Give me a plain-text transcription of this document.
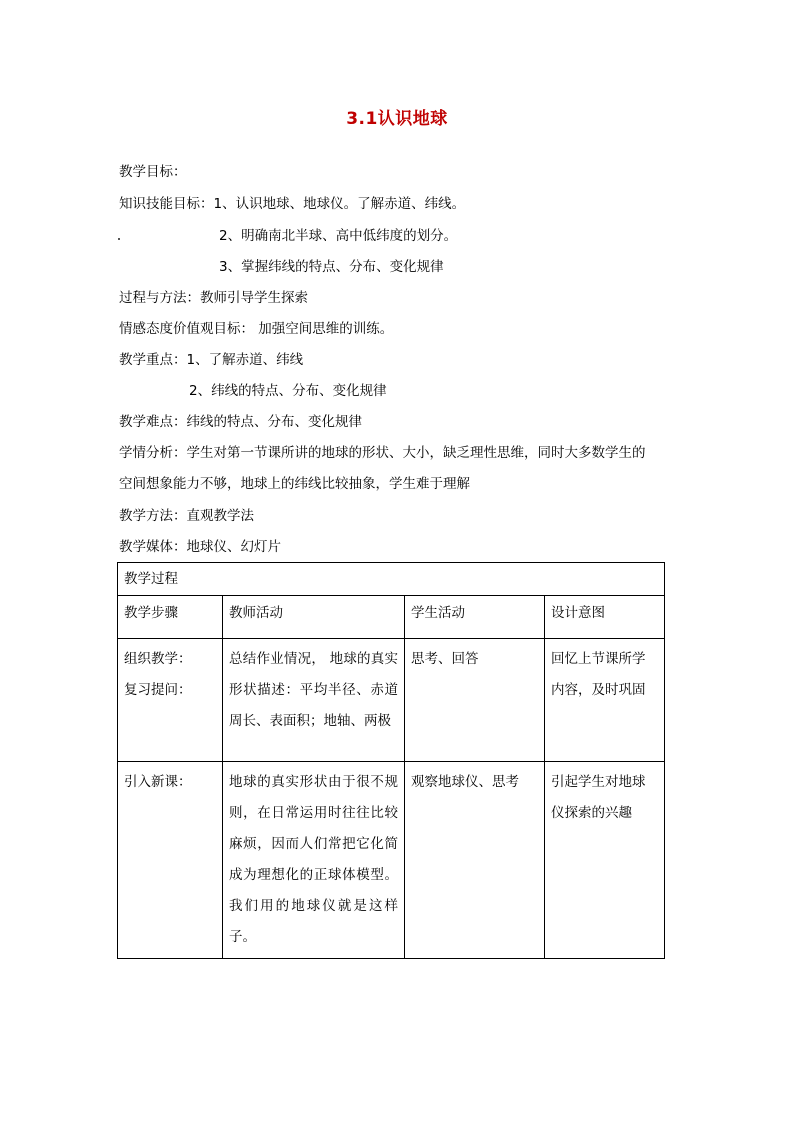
3.1认识地球
教学目标：
知识技能目标：1、认识地球、地球仪。了解赤道、纬线。
2、明确南北半球、高中低纬度的划分。
3、掌握纬线的特点、分布、变化规律
过程与方法：教师引导学生探索
情感态度价值观目标： 加强空间思维的训练。
教学重点：1、了解赤道、纬线
2、纬线的特点、分布、变化规律
教学难点：纬线的特点、分布、变化规律
学情分析：学生对第一节课所讲的地球的形状、大小，缺乏理性思维，同时大多数学生的
空间想象能力不够，地球上的纬线比较抽象，学生难于理解
教学方法：直观教学法
教学媒体：地球仪、幻灯片
教学过程			
教学步骤	教师活动	学生活动	设计意图

组织教学：
复习提问：	总结作业情况， 地球的真实形状描述：平均半径、赤道周长、表面积；地轴、两极	思考、回答	回忆上节课所学内容，及时巩固

引入新课：	地球的真实形状由于很不规则，在日常运用时往往比较麻烦，因而人们常把它化简成为理想化的正球体模型。我们用的地球仪就是这样子。	观察地球仪、思考	引起学生对地球仪探索的兴趣
